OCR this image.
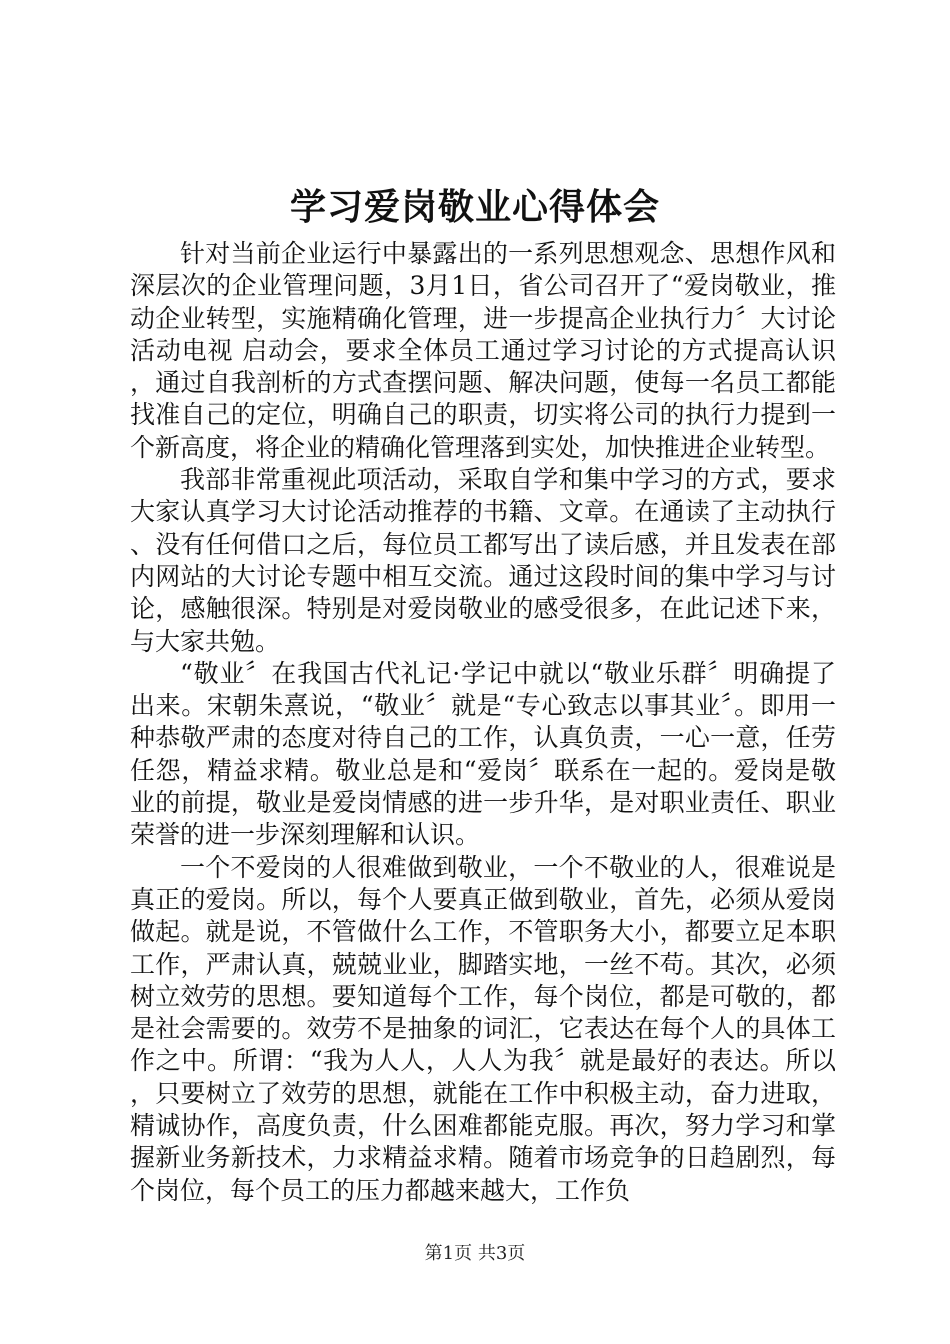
学习爱岗敬业心得体会

针对当前企业运行中暴露出的一系列思想观念、思想作风和深层次的企业管理问题，3月1日，省公司召开了“爱岗敬业，推动企业转型，实施精确化管理，进一步提高企业执行力〞大讨论活动电视 启动会，要求全体员工通过学习讨论的方式提高认识，通过自我剖析的方式查摆问题、解决问题，使每一名员工都能找准自己的定位，明确自己的职责，切实将公司的执行力提到一个新高度，将企业的精确化管理落到实处，加快推进企业转型。

我部非常重视此项活动，采取自学和集中学习的方式，要求大家认真学习大讨论活动推荐的书籍、文章。在通读了主动执行、没有任何借口之后，每位员工都写出了读后感，并且发表在部内网站的大讨论专题中相互交流。通过这段时间的集中学习与讨论，感触很深。特别是对爱岗敬业的感受很多，在此记述下来，与大家共勉。

“敬业〞在我国古代礼记·学记中就以“敬业乐群〞明确提了出来。宋朝朱熹说，“敬业〞就是“专心致志以事其业〞。即用一种恭敬严肃的态度对待自己的工作，认真负责，一心一意，任劳任怨，精益求精。敬业总是和“爱岗〞联系在一起的。爱岗是敬业的前提，敬业是爱岗情感的进一步升华，是对职业责任、职业荣誉的进一步深刻理解和认识。

一个不爱岗的人很难做到敬业，一个不敬业的人，很难说是真正的爱岗。所以，每个人要真正做到敬业，首先，必须从爱岗做起。就是说，不管做什么工作，不管职务大小，都要立足本职工作，严肃认真，兢兢业业，脚踏实地，一丝不苟。其次，必须树立效劳的思想。要知道每个工作，每个岗位，都是可敬的，都是社会需要的。效劳不是抽象的词汇，它表达在每个人的具体工作之中。所谓：“我为人人，人人为我〞就是最好的表达。所以，只要树立了效劳的思想，就能在工作中积极主动，奋力进取，精诚协作，高度负责，什么困难都能克服。再次，努力学习和掌握新业务新技术，力求精益求精。随着市场竞争的日趋剧烈，每个岗位，每个员工的压力都越来越大，工作负

第1页 共3页
